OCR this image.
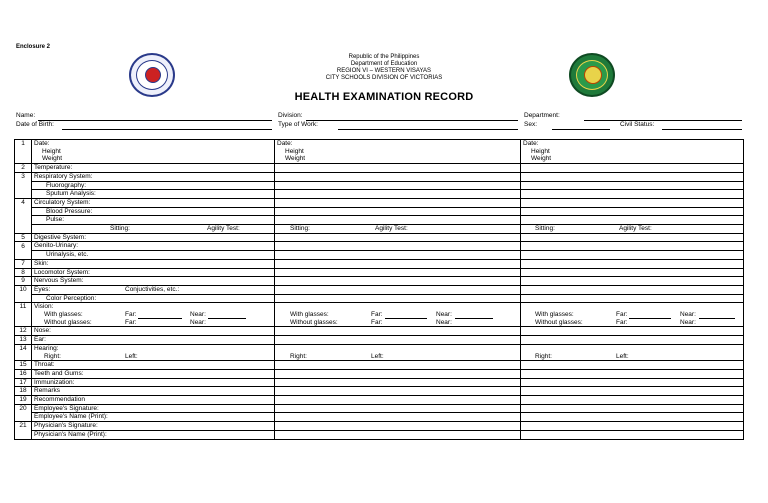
Enclosure 2
Republic of the Philippines
Department of Education
REGION VI – WESTERN VISAYAS
CITY SCHOOLS DIVISION OF VICTORIAS
HEALTH EXAMINATION RECORD
Name:
Date of Birth:
Division:
Type of Work:
Department:
Sex:	Civil Status:
1	Date:	Date:	Date:
	Height	Height	Height
	Weight	Weight	Weight
2	Temperature:		
3	Respiratory System:		
	Fluorography:		
	Sputum Analysis:		
4	Circulatory System:		
	Blood Pressure:		
	Pulse:		

	Sitting: Agility Test:	Sitting: Agility Test:	Sitting: Agility Test:

5	Digestive System:		
6	Genito-Urinary:		
	Urinalysis, etc.		
7	Skin:		
8	Locomotor System:		
9	Nervous System:		
10	Eyes: Conjuctivities, etc.:		

	Color Perception:		
11	Vision:		

	With glasses: Far: Near:	With glasses: Far: Near:	With glasses: Far: Near:

	Without glasses: Far: Near:	Without glasses: Far: Near:	Without glasses: Far: Near:

12	Nose:		
13	Ear:		
14	Hearing:		

	Right: Left:	Right: Left:	Right: Left:

15	Throat:		
16	Teeth and Gums:		
17	Immunization:		
18	Remarks		
19	Recommendation		
20	Employee's Signature:		
	Employee's Name (Print):		
21	Physician's Signature:		
	Physician's Name (Print):		
